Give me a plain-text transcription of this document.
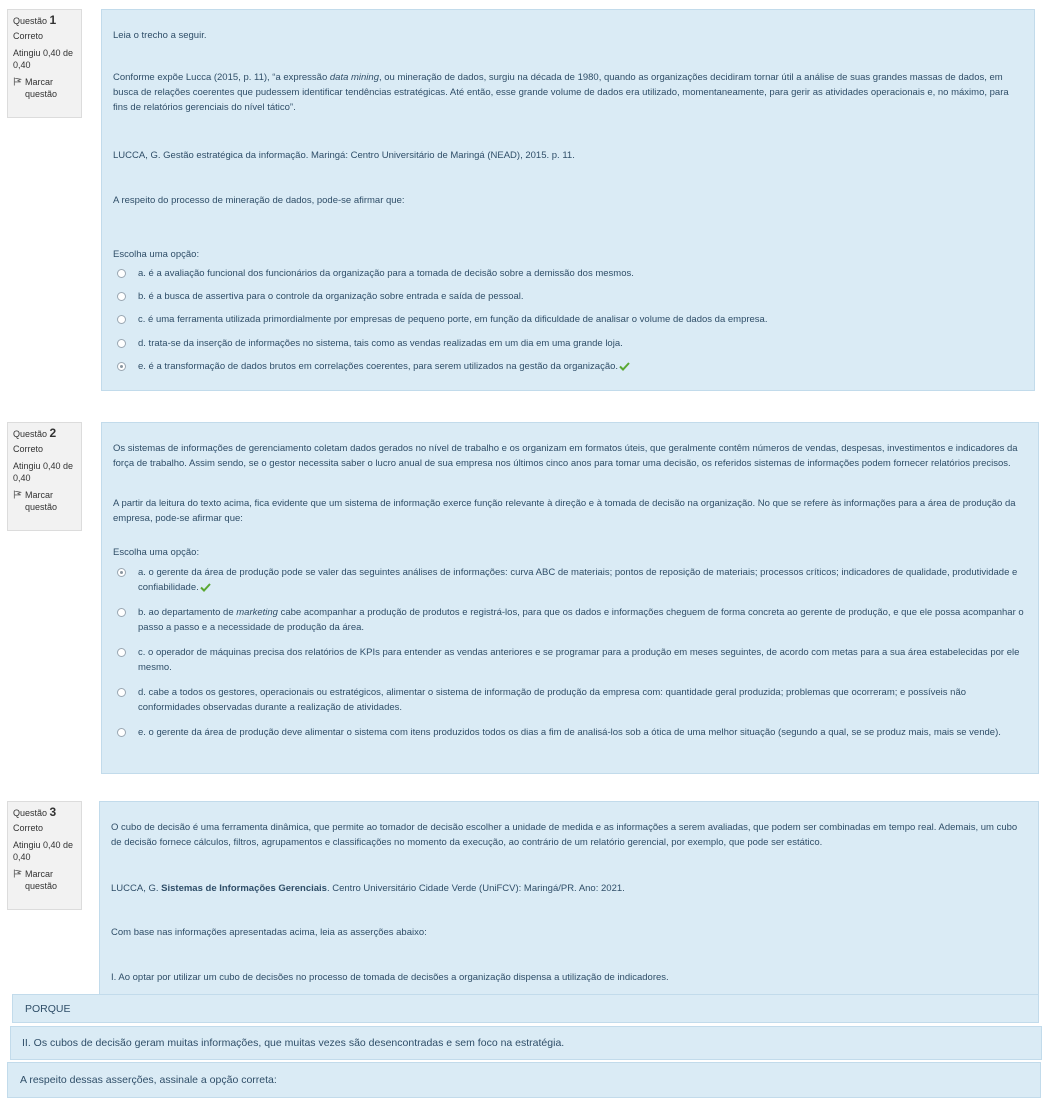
Questão 1
Correto
Atingiu 0,40 de 0,40
Marcar questão

Leia o trecho a seguir.

Conforme expõe Lucca (2015, p. 11), “a expressão data mining, ou mineração de dados, surgiu na década de 1980, quando as organizações decidiram tornar útil a análise de suas grandes massas de dados, em busca de relações coerentes que pudessem identificar tendências estratégicas. Até então, esse grande volume de dados era utilizado, momentaneamente, para gerir as atividades operacionais e, no máximo, para fins de relatórios gerenciais do nível tático”.

LUCCA, G. Gestão estratégica da informação. Maringá: Centro Universitário de Maringá (NEAD), 2015. p. 11.

A respeito do processo de mineração de dados, pode-se afirmar que:

Escolha uma opção:

a. é a avaliação funcional dos funcionários da organização para a tomada de decisão sobre a demissão dos mesmos.
b. é a busca de assertiva para o controle da organização sobre entrada e saída de pessoal.
c. é uma ferramenta utilizada primordialmente por empresas de pequeno porte, em função da dificuldade de analisar o volume de dados da empresa.
d. trata-se da inserção de informações no sistema, tais como as vendas realizadas em um dia em uma grande loja.
e. é a transformação de dados brutos em correlações coerentes, para serem utilizados na gestão da organização.
Questão 2
Correto
Atingiu 0,40 de 0,40
Marcar questão

Os sistemas de informações de gerenciamento coletam dados gerados no nível de trabalho e os organizam em formatos úteis, que geralmente contêm números de vendas, despesas, investimentos e indicadores da força de trabalho. Assim sendo, se o gestor necessita saber o lucro anual de sua empresa nos últimos cinco anos para tomar uma decisão, os referidos sistemas de informações podem fornecer relatórios precisos.

A partir da leitura do texto acima, fica evidente que um sistema de informação exerce função relevante à direção e à tomada de decisão na organização. No que se refere às informações para a área de produção da empresa, pode-se afirmar que:

Escolha uma opção:

a. o gerente da área de produção pode se valer das seguintes análises de informações: curva ABC de materiais; pontos de reposição de materiais; processos críticos; indicadores de qualidade, produtividade e confiabilidade.
b. ao departamento de marketing cabe acompanhar a produção de produtos e registrá-los, para que os dados e informações cheguem de forma concreta ao gerente de produção, e que ele possa acompanhar o passo a passo e a necessidade de produção da área.
c. o operador de máquinas precisa dos relatórios de KPIs para entender as vendas anteriores e se programar para a produção em meses seguintes, de acordo com metas para a sua área estabelecidas por ele mesmo.
d. cabe a todos os gestores, operacionais ou estratégicos, alimentar o sistema de informação de produção da empresa com: quantidade geral produzida; problemas que ocorreram; e possíveis não conformidades observadas durante a realização de atividades.
e. o gerente da área de produção deve alimentar o sistema com itens produzidos todos os dias a fim de analisá-los sob a ótica de uma melhor situação (segundo a qual, se se produz mais, mais se vende).
Questão 3
Correto
Atingiu 0,40 de 0,40
Marcar questão

O cubo de decisão é uma ferramenta dinâmica, que permite ao tomador de decisão escolher a unidade de medida e as informações a serem avaliadas, que podem ser combinadas em tempo real. Ademais, um cubo de decisão fornece cálculos, filtros, agrupamentos e classificações no momento da execução, ao contrário de um relatório gerencial, por exemplo, que pode ser estático.

LUCCA, G. Sistemas de Informações Gerenciais. Centro Universitário Cidade Verde (UniFCV): Maringá/PR. Ano: 2021.

Com base nas informações apresentadas acima, leia as asserções abaixo:

I. Ao optar por utilizar um cubo de decisões no processo de tomada de decisões a organização dispensa a utilização de indicadores.

PORQUE
II. Os cubos de decisão geram muitas informações, que muitas vezes são desencontradas e sem foco na estratégia.
A respeito dessas asserções, assinale a opção correta:
